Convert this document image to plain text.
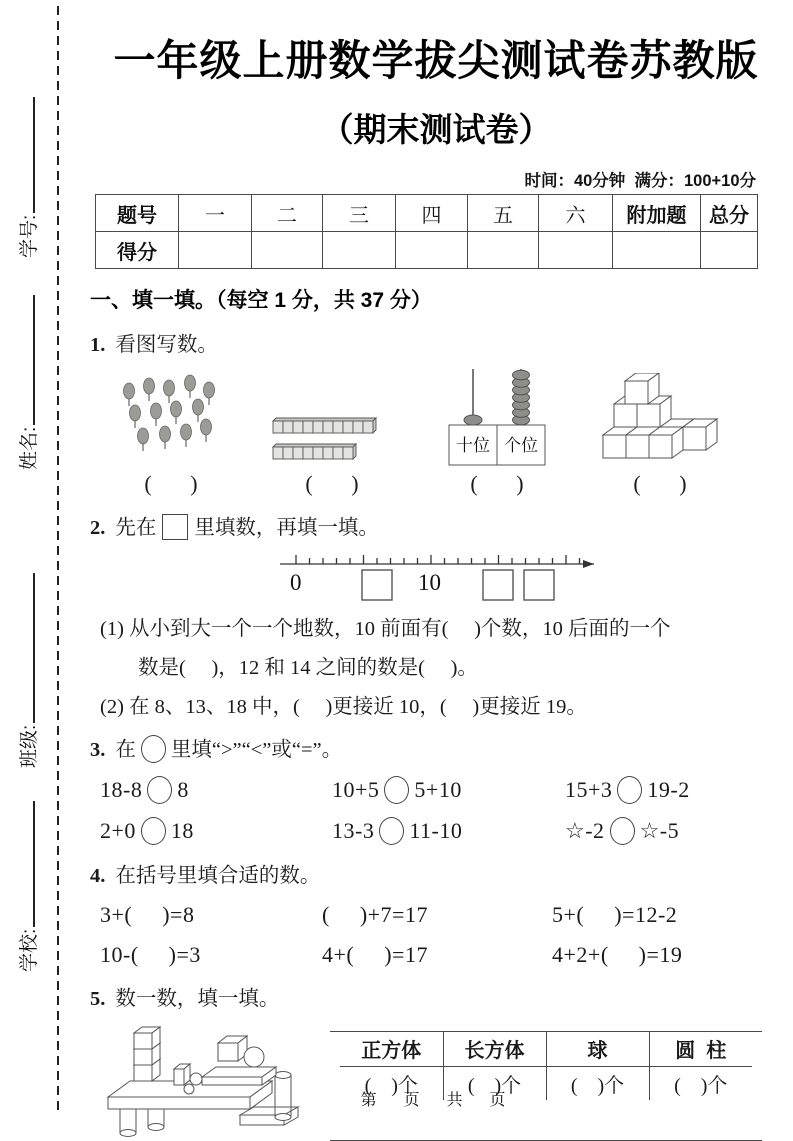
学号:
姓名:
班级:
学校:
一年级上册数学拔尖测试卷苏教版
（期末测试卷）
时间：40分钟  满分：100+10分
题号	一	二	三	四	五	六	附加题	总分
得分								
一、填一填。（每空 1 分，共 37 分）
1. 看图写数。
(       )	(       )
十位 个位
(       )	(       )
2. 先在 里填数，再填一填。
0	10
(1) 从小到大一个一个地数，10 前面有(     )个数，10 后面的一个
数是(     )，12 和 14 之间的数是(     )。
(2) 在 8、13、18 中，(     )更接近 10，(     )更接近 19。
3. 在 里填“>”“<”或“=”。
18-8 8	10+5 5+10	15+3 19-2
2+0 18	13-3 11-10	☆-2 ☆-5
4. 在括号里填合适的数。
3+(     )=8	(     )+7=17	5+(     )=12-2
10-(     )=3	4+(     )=17	4+2+(     )=19
5. 数一数，填一填。
正方体	长方体	球	圆  柱
(    )个	(    )个	(    )个	(    )个
第  页  共  页
